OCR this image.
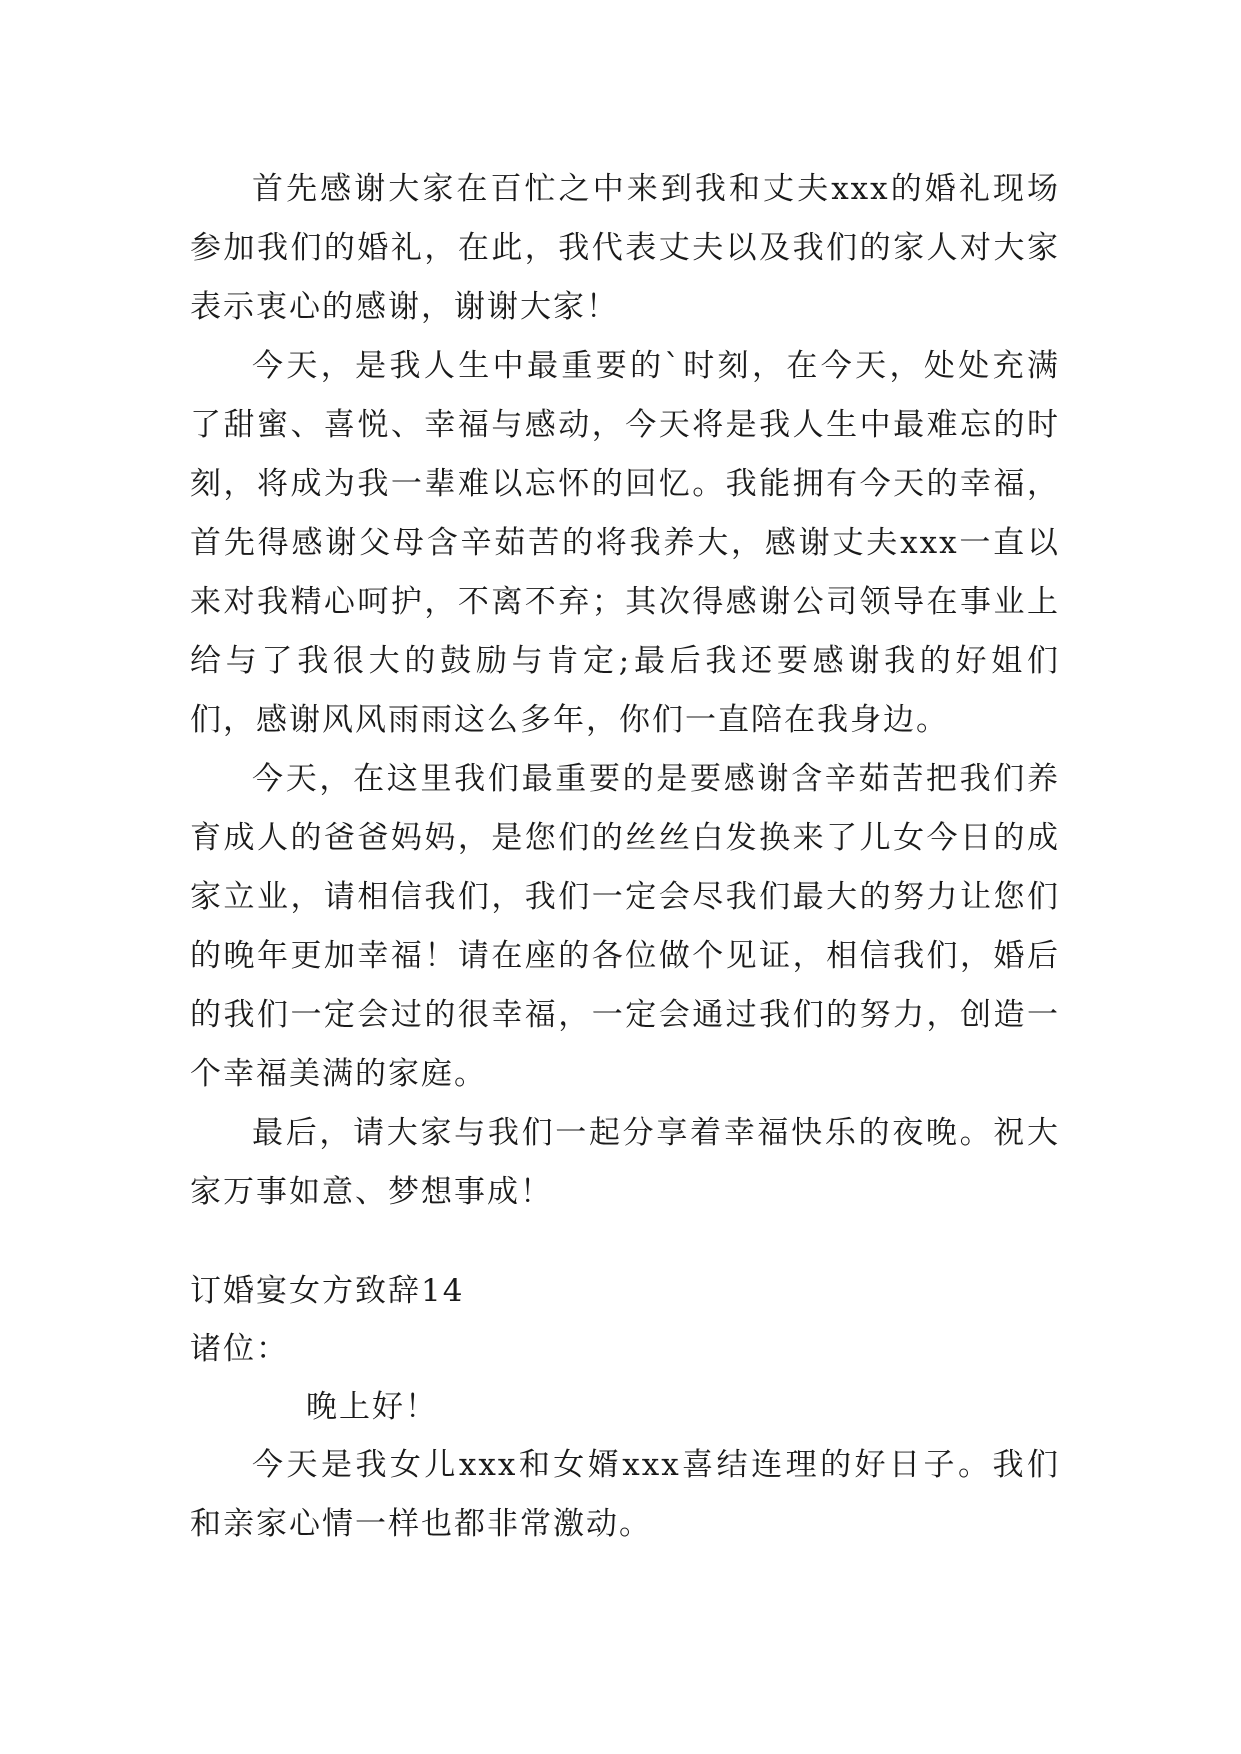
首先感谢大家在百忙之中来到我和丈夫xxx的婚礼现场参加我们的婚礼，在此，我代表丈夫以及我们的家人对大家表示衷心的感谢，谢谢大家！

今天，是我人生中最重要的`时刻，在今天，处处充满了甜蜜、喜悦、幸福与感动，今天将是我人生中最难忘的时刻，将成为我一辈难以忘怀的回忆。我能拥有今天的幸福，首先得感谢父母含辛茹苦的将我养大，感谢丈夫xxx一直以来对我精心呵护，不离不弃；其次得感谢公司领导在事业上给与了我很大的鼓励与肯定;最后我还要感谢我的好姐们们，感谢风风雨雨这么多年，你们一直陪在我身边。

今天，在这里我们最重要的是要感谢含辛茹苦把我们养育成人的爸爸妈妈，是您们的丝丝白发换来了儿女今日的成家立业，请相信我们，我们一定会尽我们最大的努力让您们的晚年更加幸福！请在座的各位做个见证，相信我们，婚后的我们一定会过的很幸福，一定会通过我们的努力，创造一个幸福美满的家庭。

最后，请大家与我们一起分享着幸福快乐的夜晚。祝大家万事如意、梦想事成！

订婚宴女方致辞14
诸位：
晚上好！

今天是我女儿xxx和女婿xxx喜结连理的好日子。我们和亲家心情一样也都非常激动。
